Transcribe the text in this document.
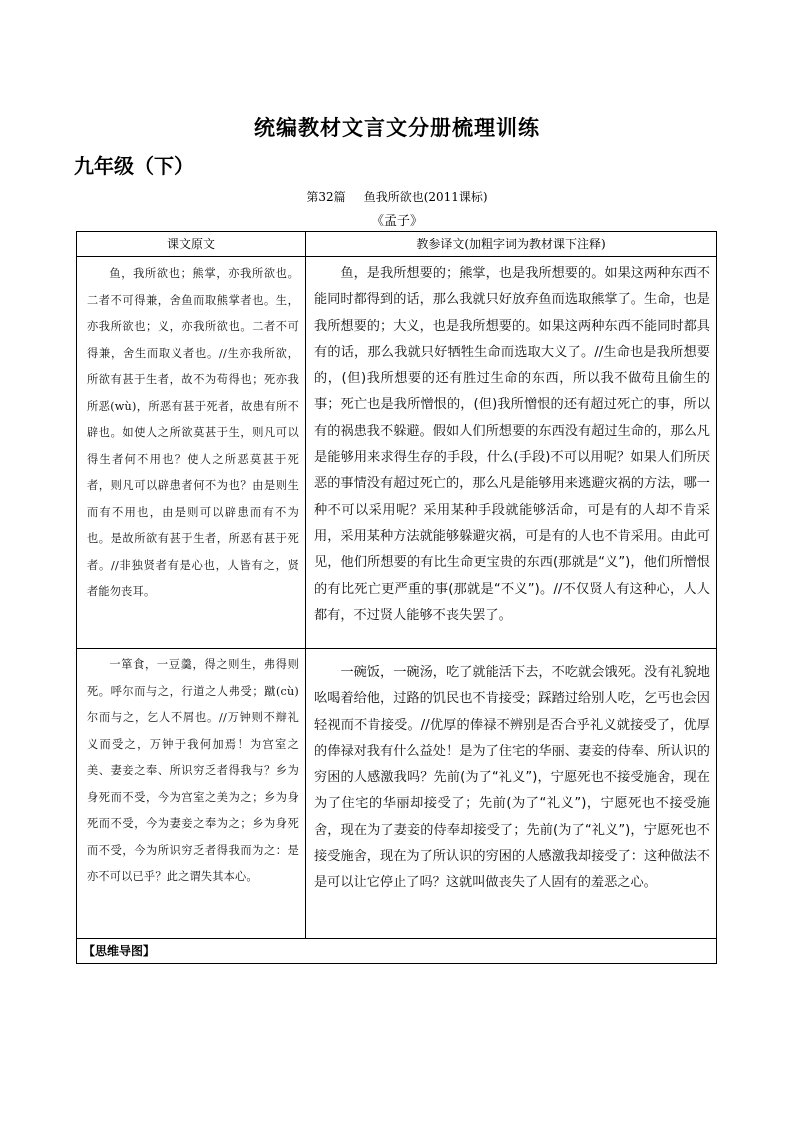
统编教材文言文分册梳理训练
九年级（下）
第32篇 鱼我所欲也(2011课标)
《孟子》
课文原文	教参译文(加粗字词为教材课下注释)
鱼，我所欲也；熊掌，亦我所欲也。二者不可得兼，舍鱼而取熊掌者也。生，亦我所欲也；义，亦我所欲也。二者不可得兼，舍生而取义者也。//生亦我所欲，所欲有甚于生者，故不为苟得也；死亦我所恶(wù)，所恶有甚于死者，故患有所不辟也。如使人之所欲莫甚于生，则凡可以得生者何不用也？使人之所恶莫甚于死者，则凡可以辟患者何不为也？由是则生而有不用也，由是则可以辟患而有不为也。是故所欲有甚于生者，所恶有甚于死者。//非独贤者有是心也，人皆有之，贤者能勿丧耳。
鱼，是我所想要的；熊掌，也是我所想要的。如果这两种东西不能同时都得到的话，那么我就只好放弃鱼而选取熊掌了。生命，也是我所想要的；大义，也是我所想要的。如果这两种东西不能同时都具有的话，那么我就只好牺牲生命而选取大义了。//生命也是我所想要的，(但)我所想要的还有胜过生命的东西，所以我不做苟且偷生的事；死亡也是我所憎恨的，(但)我所憎恨的还有超过死亡的事，所以有的祸患我不躲避。假如人们所想要的东西没有超过生命的，那么凡是能够用来求得生存的手段，什么(手段)不可以用呢？如果人们所厌恶的事情没有超过死亡的，那么凡是能够用来逃避灾祸的方法，哪一种不可以采用呢？采用某种手段就能够活命，可是有的人却不肯采用，采用某种方法就能够躲避灾祸，可是有的人也不肯采用。由此可见，他们所想要的有比生命更宝贵的东西(那就是“义”)，他们所憎恨的有比死亡更严重的事(那就是“不义”)。//不仅贤人有这种心，人人都有，不过贤人能够不丧失罢了。
一箪食，一豆羹，得之则生，弗得则死。呼尔而与之，行道之人弗受；蹴(cù)尔而与之，乞人不屑也。//万钟则不辩礼义而受之，万钟于我何加焉！为宫室之美、妻妾之奉、所识穷乏者得我与？乡为身死而不受，今为宫室之美为之；乡为身死而不受，今为妻妾之奉为之；乡为身死而不受，今为所识穷乏者得我而为之：是亦不可以已乎？此之谓失其本心。
一碗饭，一碗汤，吃了就能活下去，不吃就会饿死。没有礼貌地吆喝着给他，过路的饥民也不肯接受；踩踏过给别人吃，乞丐也会因轻视而不肯接受。//优厚的俸禄不辨别是否合乎礼义就接受了，优厚的俸禄对我有什么益处！是为了住宅的华丽、妻妾的侍奉、所认识的穷困的人感激我吗？先前(为了“礼义”)，宁愿死也不接受施舍，现在为了住宅的华丽却接受了；先前(为了“礼义”)，宁愿死也不接受施舍，现在为了妻妾的侍奉却接受了；先前(为了“礼义”)，宁愿死也不接受施舍，现在为了所认识的穷困的人感激我却接受了：这种做法不是可以让它停止了吗？这就叫做丧失了人固有的羞恶之心。
【思维导图】
